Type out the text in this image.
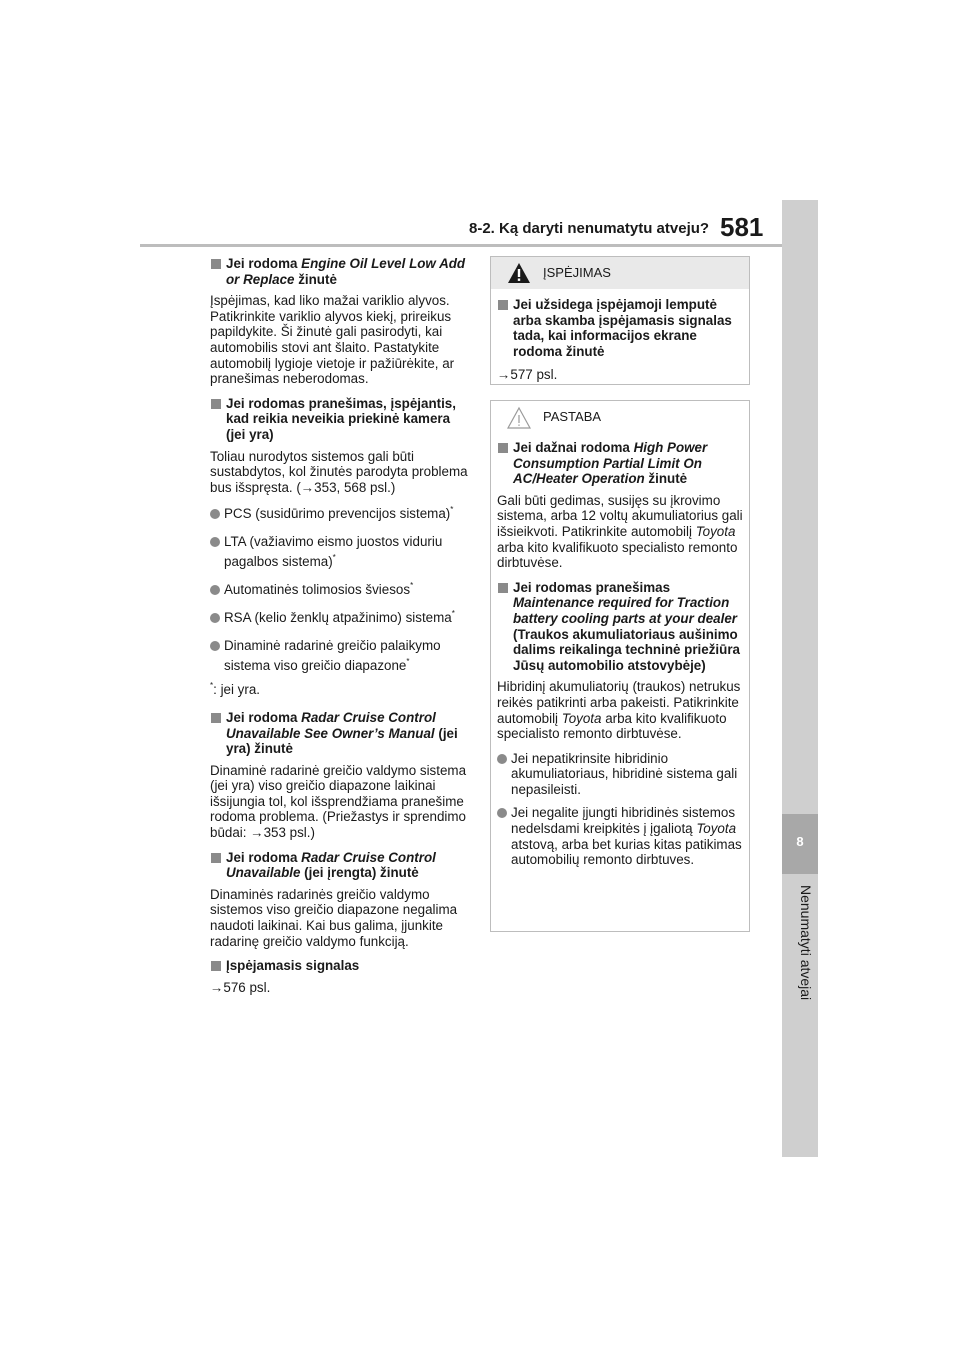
8-2. Ką daryti nenumatytu atveju? 581
8
Nenumatyti atvejai
Jei rodoma Engine Oil Level Low Add or Replace žinutė

Įspėjimas, kad liko mažai variklio alyvos. Patikrinkite variklio alyvos kiekį, prireikus papildykite. Ši žinutė gali pasirodyti, kai automobilis stovi ant šlaito. Pastatykite automobilį lygioje vietoje ir pažiūrėkite, ar pranešimas neberodomas.

Jei rodomas pranešimas, įspėjantis, kad reikia neveikia priekinė kamera (jei yra)

Toliau nurodytos sistemos gali būti sustabdytos, kol žinutės parodyta problema bus išspręsta. (→353, 568 psl.)

PCS (susidūrimo prevencijos sistema)*
LTA (važiavimo eismo juostos viduriu pagalbos sistema)*
Automatinės tolimosios šviesos*
RSA (kelio ženklų atpažinimo) sistema*
Dinaminė radarinė greičio palaikymo sistema viso greičio diapazone*
*: jei yra.
Jei rodoma Radar Cruise Control Unavailable See Owner’s Manual (jei yra) žinutė

Dinaminė radarinė greičio valdymo sistema (jei yra) viso greičio diapazone laikinai išsijungia tol, kol išsprendžiama pranešime rodoma problema. (Priežastys ir sprendimo būdai: →353 psl.)

Jei rodoma Radar Cruise Control Unavailable (jei įrengta) žinutė

Dinaminės radarinės greičio valdymo sistemos viso greičio diapazone negalima naudoti laikinai. Kai bus galima, įjunkite radarinę greičio valdymo funkciją.

Įspėjamasis signalas

→576 psl.

ĮSPĖJIMAS
Jei užsidega įspėjamoji lemputė arba skamba įspėjamasis signalas tada, kai informacijos ekrane rodoma žinutė

→577 psl.

PASTABA
Jei dažnai rodoma High Power Consumption Partial Limit On AC/Heater Operation žinutė

Gali būti gedimas, susijęs su įkrovimo sistema, arba 12 voltų akumuliatorius gali išsieikvoti. Patikrinkite automobilį Toyota arba kito kvalifikuoto specialisto remonto dirbtuvėse.

Jei rodomas pranešimas Maintenance required for Traction battery cooling parts at your dealer (Traukos akumuliatoriaus aušinimo dalims reikalinga techninė priežiūra Jūsų automobilio atstovybėje)

Hibridinį akumuliatorių (traukos) netrukus reikės patikrinti arba pakeisti. Patikrinkite automobilį Toyota arba kito kvalifikuoto specialisto remonto dirbtuvėse.

Jei nepatikrinsite hibridinio akumuliatoriaus, hibridinė sistema gali nepasileisti.
Jei negalite įjungti hibridinės sistemos nedelsdami kreipkitės į įgaliotą Toyota atstovą, arba bet kurias kitas patikimas automobilių remonto dirbtuves.
